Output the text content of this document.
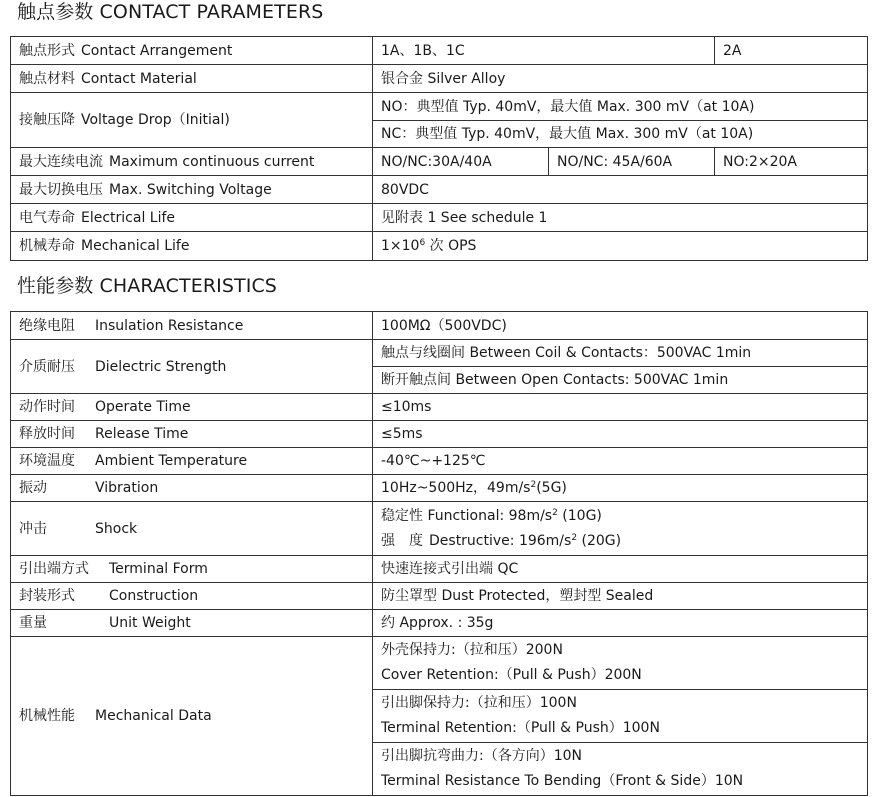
触点参数 CONTACT PARAMETERS
触点形式 Contact Arrangement	1A、1B、1C		2A
触点材料 Contact Material	银合金 Silver Alloy		
接触压降 Voltage Drop（Initial)	NO：典型值 Typ. 40mV，最大值 Max. 300 mV（at 10A)		
	NC：典型值 Typ. 40mV，最大值 Max. 300 mV（at 10A)		
最大连续电流 Maximum continuous current	NO/NC:30A/40A	NO/NC: 45A/60A	NO:2×20A
最大切换电压 Max. Switching Voltage	80VDC		
电气寿命 Electrical Life	见附表 1 See schedule 1		
机械寿命 Mechanical Life	$1\times 10^6$ 次 OPS		
性能参数 CHARACTERISTICS
绝缘电阻 Insulation Resistance	100MΩ（500VDC)
介质耐压 Dielectric Strength	触点与线圈间 Between Coil & Contacts：500VAC 1min
	断开触点间 Between Open Contacts: 500VAC 1min
动作时间 Operate Time	≤10ms
释放时间 Release Time	≤5ms
环境温度 Ambient Temperature	-40℃~+125℃
振动 Vibration	10Hz~500Hz，$49m/s^2(5G)$
冲击 Shock	稳定性 Functional: $98m/s^2$ (10G)
强 度 Destructive: $196m/s^2$ (20G)

引出端方式 Terminal Form	快速连接式引出端 QC
封装形式 Construction	防尘罩型 Dust Protected，塑封型 Sealed
重量 Unit Weight	约 Approx. : 35g
机械性能 Mechanical Data	外壳保持力:（拉和压）200N
Cover Retention:（Pull & Push）200N

	引出脚保持力:（拉和压）100N
Terminal Retention:（Pull & Push）100N

	引出脚抗弯曲力:（各方向）10N
Terminal Resistance To Bending（Front & Side）10N
